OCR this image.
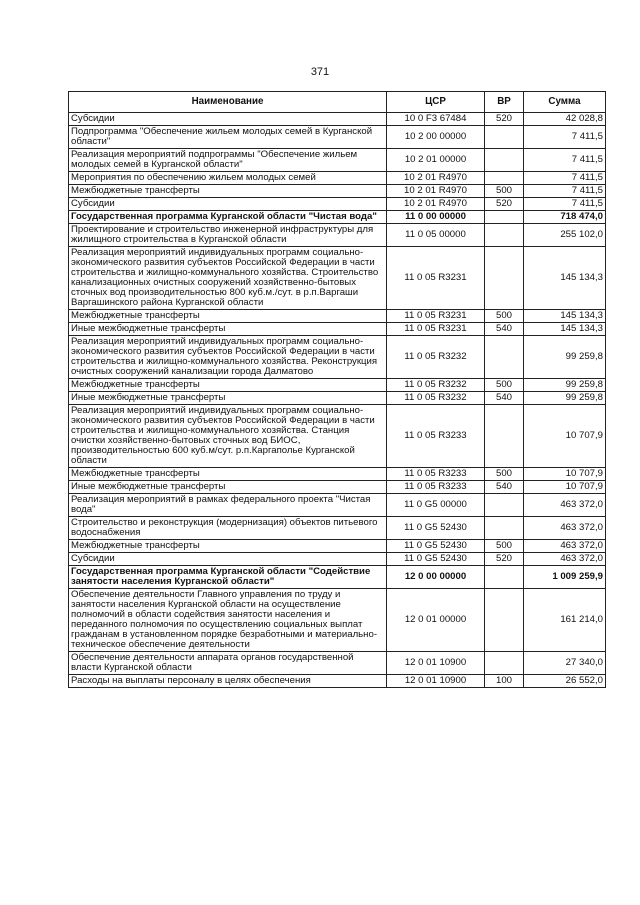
371
Наименование	ЦСР	ВР	Сумма
Субсидии	10 0 F3 67484	520	42 028,8
Подпрограмма "Обеспечение жильем молодых семей в Курганской области"	10 2 00 00000		7 411,5
Реализация мероприятий подпрограммы "Обеспечение жильем молодых семей в Курганской области"	10 2 01 00000		7 411,5
Мероприятия по обеспечению жильем молодых семей	10 2 01 R4970		7 411,5
Межбюджетные трансферты	10 2 01 R4970	500	7 411,5
Субсидии	10 2 01 R4970	520	7 411,5
Государственная программа Курганской области "Чистая вода"	11 0 00 00000		718 474,0
Проектирование и строительство инженерной инфраструктуры для жилищного строительства в Курганской области	11 0 05 00000		255 102,0
Реализация мероприятий индивидуальных программ социально-экономического развития субъектов Российской Федерации в части строительства и жилищно-коммунального хозяйства. Строительство канализационных очистных сооружений хозяйственно-бытовых сточных вод производительностью 800 куб.м./сут. в р.п.Варгаши Варгашинского района Курганской области	11 0 05 R3231		145 134,3
Межбюджетные трансферты	11 0 05 R3231	500	145 134,3
Иные межбюджетные трансферты	11 0 05 R3231	540	145 134,3
Реализация мероприятий индивидуальных программ социально-экономического развития субъектов Российской Федерации в части строительства и жилищно-коммунального хозяйства. Реконструкция очистных сооружений канализации города Далматово	11 0 05 R3232		99 259,8
Межбюджетные трансферты	11 0 05 R3232	500	99 259,8
Иные межбюджетные трансферты	11 0 05 R3232	540	99 259,8
Реализация мероприятий индивидуальных программ социально-экономического развития субъектов Российской Федерации в части строительства и жилищно-коммунального хозяйства. Станция очистки хозяйственно-бытовых сточных вод БИОС, производительностью 600 куб.м/сут. р.п.Каргаполье Курганской области	11 0 05 R3233		10 707,9
Межбюджетные трансферты	11 0 05 R3233	500	10 707,9
Иные межбюджетные трансферты	11 0 05 R3233	540	10 707,9
Реализация мероприятий в рамках федерального проекта "Чистая вода"	11 0 G5 00000		463 372,0
Строительство и реконструкция (модернизация) объектов питьевого водоснабжения	11 0 G5 52430		463 372,0
Межбюджетные трансферты	11 0 G5 52430	500	463 372,0
Субсидии	11 0 G5 52430	520	463 372,0
Государственная программа Курганской области "Содействие занятости населения Курганской области"	12 0 00 00000		1 009 259,9
Обеспечение деятельности Главного управления по труду и занятости населения Курганской области на осуществление полномочий в области содействия занятости населения и переданного полномочия по осуществлению социальных выплат гражданам в установленном порядке безработными и материально-техническое обеспечение деятельности	12 0 01 00000		161 214,0
Обеспечение деятельности аппарата органов государственной власти Курганской области	12 0 01 10900		27 340,0
Расходы на выплаты персоналу в целях обеспечения	12 0 01 10900	100	26 552,0
